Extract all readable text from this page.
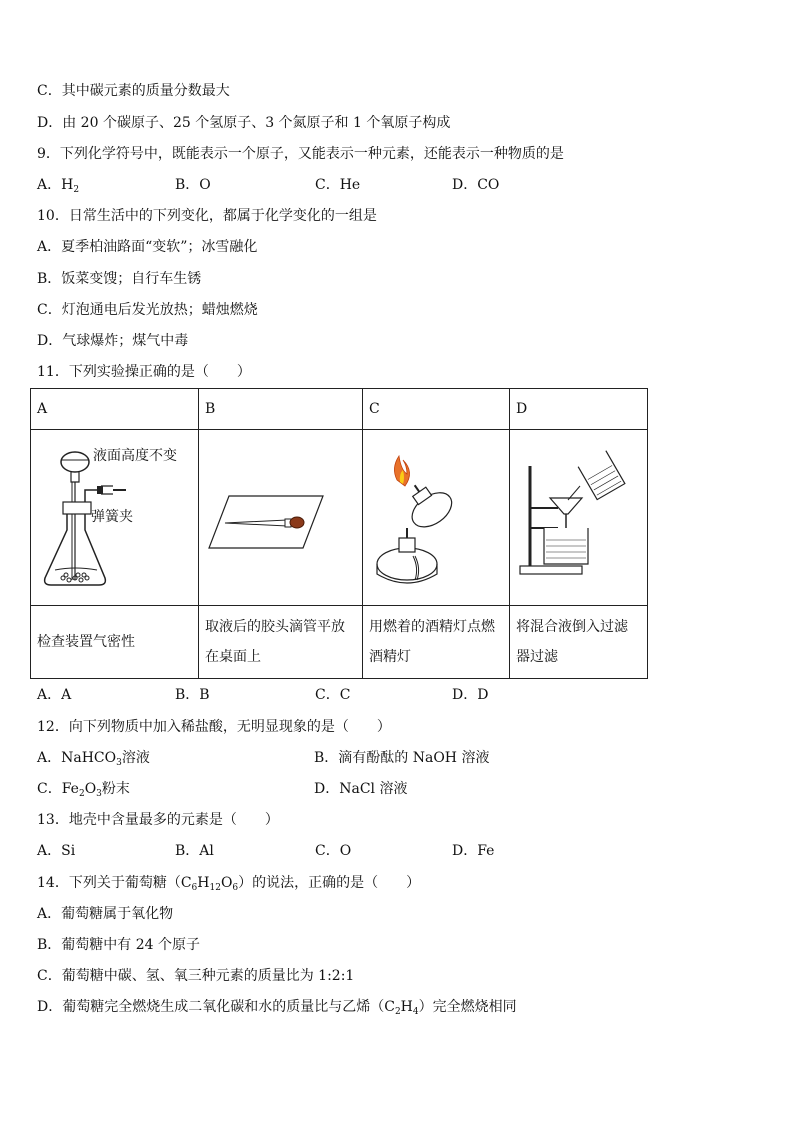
C．其中碳元素的质量分数最大
D．由 20 个碳原子、25 个氢原子、3 个氮原子和 1 个氧原子构成
9．下列化学符号中，既能表示一个原子，又能表示一种元素，还能表示一种物质的是
A．$H_2$	B．O	C．He	D．CO
10．日常生活中的下列变化，都属于化学变化的一组是
A．夏季柏油路面“变软”；冰雪融化
B．饭菜变馊；自行车生锈
C．灯泡通电后发光放热；蜡烛燃烧
D．气球爆炸；煤气中毒
11．下列实验操正确的是（　　）
A	B	C	D

液面高度不变
弹簧夹

检查装置气密性	取液后的胶头滴管平放在桌面上	用燃着的酒精灯点燃酒精灯	将混合液倒入过滤器过滤
A．A	B．B	C．C	D．D
12．向下列物质中加入稀盐酸，无明显现象的是（　　）
A．NaHCO$_3$溶液	B．滴有酚酞的 NaOH 溶液
C．$Fe_2O_3$粉末	D．NaCl 溶液
13．地壳中含量最多的元素是（　　）
A．Si	B．Al	C．O	D．Fe
14．下列关于葡萄糖$(C_6H_{12}O_6)$的说法，正确的是（　　）
A．葡萄糖属于氧化物
B．葡萄糖中有 24 个原子
C．葡萄糖中碳、氢、氧三种元素的质量比为 1:2:1
D．葡萄糖完全燃烧生成二氧化碳和水的质量比与乙烯$(C_2H_4)$完全燃烧相同
